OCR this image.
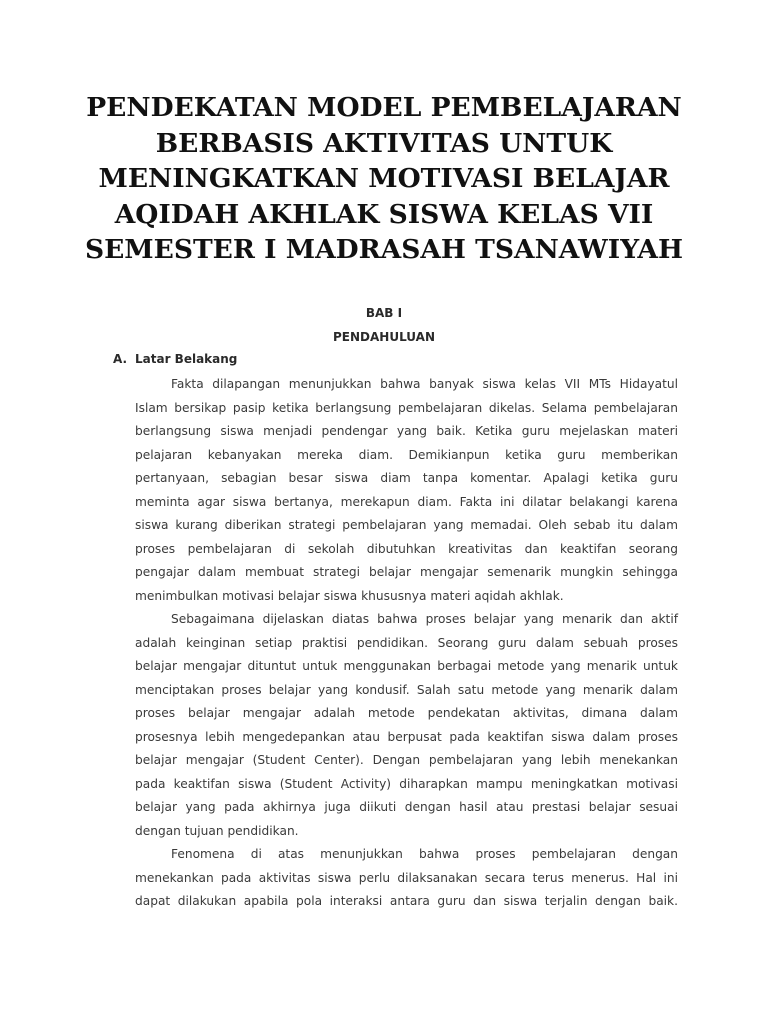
PENDEKATAN MODEL PEMBELAJARAN
BERBASIS AKTIVITAS UNTUK
MENINGKATKAN MOTIVASI BELAJAR
AQIDAH AKHLAK SISWA KELAS VII
SEMESTER I MADRASAH TSANAWIYAH

BAB I

PENDAHULUAN

A. Latar Belakang
Fakta dilapangan menunjukkan bahwa banyak siswa kelas VII MTs Hidayatul
Islam bersikap pasip ketika berlangsung pembelajaran dikelas. Selama pembelajaran
berlangsung siswa menjadi pendengar yang baik. Ketika guru mejelaskan materi
pelajaran kebanyakan mereka diam. Demikianpun ketika guru memberikan
pertanyaan, sebagian besar siswa diam tanpa komentar. Apalagi ketika guru
meminta agar siswa bertanya, merekapun diam. Fakta ini dilatar belakangi karena
siswa kurang diberikan strategi pembelajaran yang memadai. Oleh sebab itu dalam
proses pembelajaran di sekolah dibutuhkan kreativitas dan keaktifan seorang
pengajar dalam membuat strategi belajar mengajar semenarik mungkin sehingga
menimbulkan motivasi belajar siswa khususnya materi aqidah akhlak.
Sebagaimana dijelaskan diatas bahwa proses belajar yang menarik dan aktif
adalah keinginan setiap praktisi pendidikan. Seorang guru dalam sebuah proses
belajar mengajar dituntut untuk menggunakan berbagai metode yang menarik untuk
menciptakan proses belajar yang kondusif. Salah satu metode yang menarik dalam
proses belajar mengajar adalah metode pendekatan aktivitas, dimana dalam
prosesnya lebih mengedepankan atau berpusat pada keaktifan siswa dalam proses
belajar mengajar (Student Center). Dengan pembelajaran yang lebih menekankan
pada keaktifan siswa (Student Activity) diharapkan mampu meningkatkan motivasi
belajar yang pada akhirnya juga diikuti dengan hasil atau prestasi belajar sesuai
dengan tujuan pendidikan.
Fenomena di atas menunjukkan bahwa proses pembelajaran dengan
menekankan pada aktivitas siswa perlu dilaksanakan secara terus menerus. Hal ini
dapat dilakukan apabila pola interaksi antara guru dan siswa terjalin dengan baik.
